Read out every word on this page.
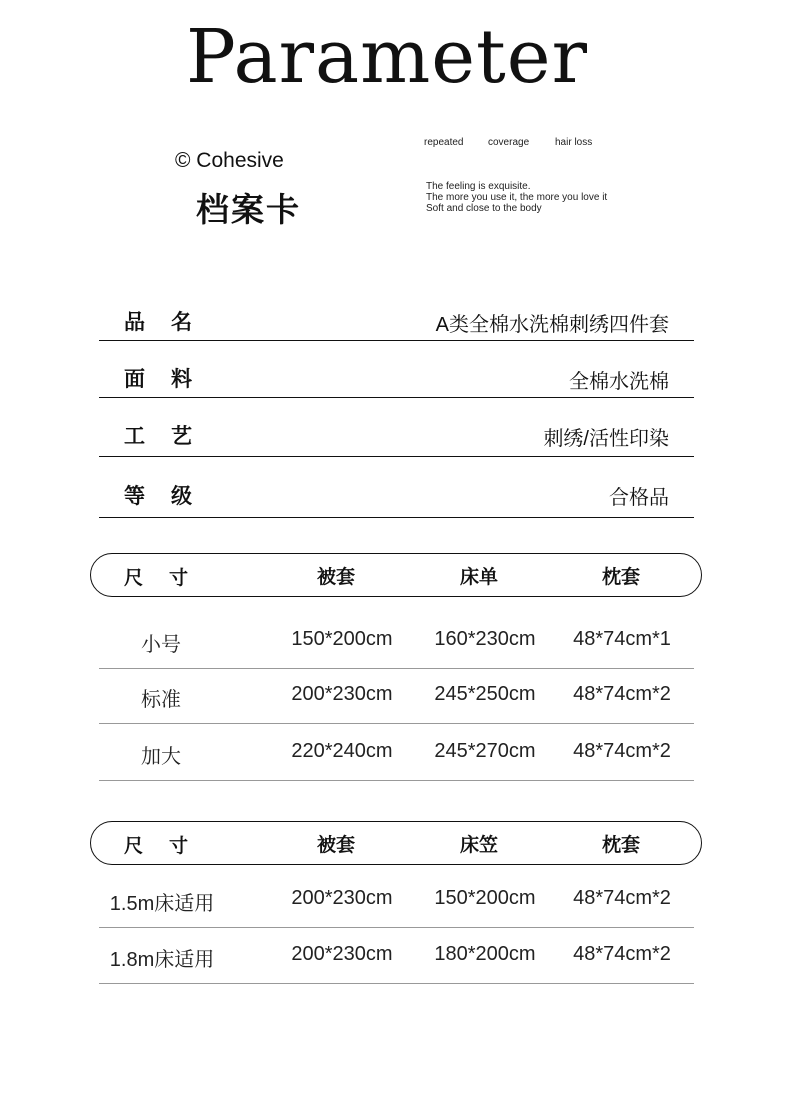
Parameter
© Cohesive
档案卡
repeated coverage	hair loss
The feeling is exquisite.
The more you use it, the more you love it
Soft and close to the body
品名	A类全棉水洗棉刺绣四件套
面料	全棉水洗棉
工艺	刺绣/活性印染
等级	合格品
尺寸	被套	床单	枕套
小号	150*200cm	160*230cm	48*74cm*1
标准	200*230cm	245*250cm	48*74cm*2
加大	220*240cm	245*270cm	48*74cm*2
尺寸	被套	床笠	枕套
1.5m床适用	200*230cm	150*200cm	48*74cm*2
1.8m床适用	200*230cm	180*200cm	48*74cm*2
